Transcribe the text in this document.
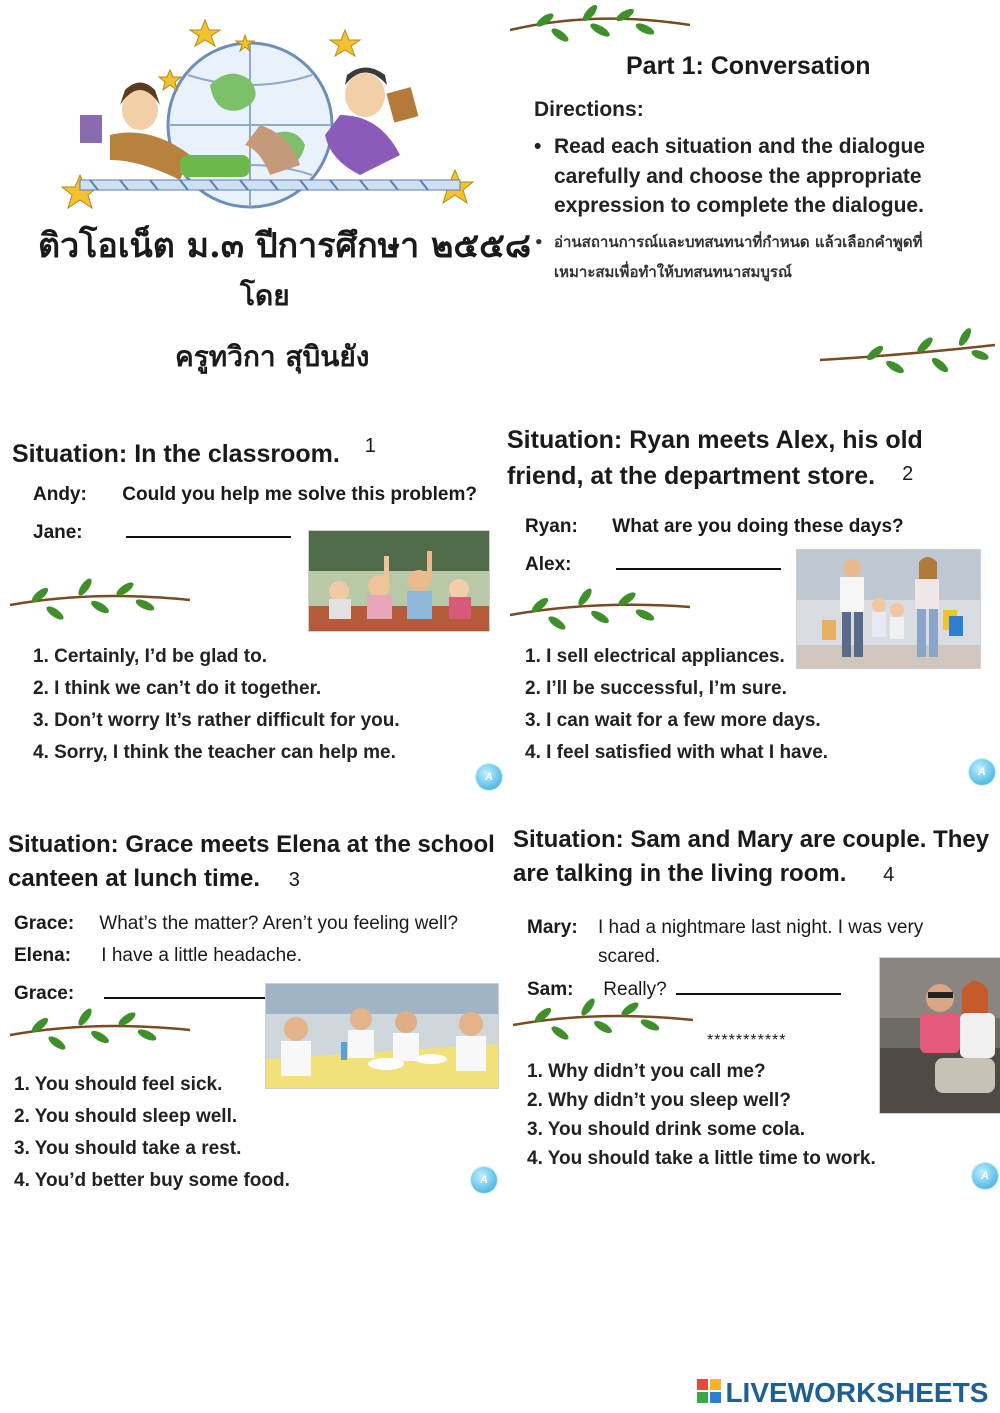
ติวโอเน็ต ม.๓ ปีการศึกษา ๒๕๕๘
โดย
ครูทวิกา สุบินยัง
Part 1: Conversation
Directions:
• Read each situation and the dialogue carefully and choose the appropriate expression to complete the dialogue.
• อ่านสถานการณ์และบทสนทนาที่กำหนด แล้วเลือกคำพูดที่เหมาะสมเพื่อทำให้บทสนทนาสมบูรณ์
Situation: In the classroom. $^1$
Andy: Could you help me solve this problem?
Jane:
1. Certainly, I’d be glad to.
2. I think we can’t do it together.
3. Don’t worry It’s rather difficult for you.
4. Sorry, I think the teacher can help me.
A
Situation: Ryan meets Alex, his old
friend, at the department store. 2
Ryan: What are you doing these days?
Alex:
1. I sell electrical appliances.
2. I’ll be successful, I’m sure.
3. I can wait for a few more days.
4. I feel satisfied with what I have.
A
Situation: Grace meets Elena at the school
canteen at lunch time. 3
Grace: What’s the matter? Aren’t you feeling well?
Elena: I have a little headache.
Grace:
1. You should feel sick.
2. You should sleep well.
3. You should take a rest.
4. You’d better buy some food.	A
Situation: Sam and Mary are couple. They
are talking in the living room. 4
Mary: I had a nightmare last night. I was very
scared.
Sam: Really?
***********
1. Why didn’t you call me?
2. Why didn’t you sleep well?
3. You should drink some cola.
4. You should take a little time to work.
A
LIVEWORKSHEETS
